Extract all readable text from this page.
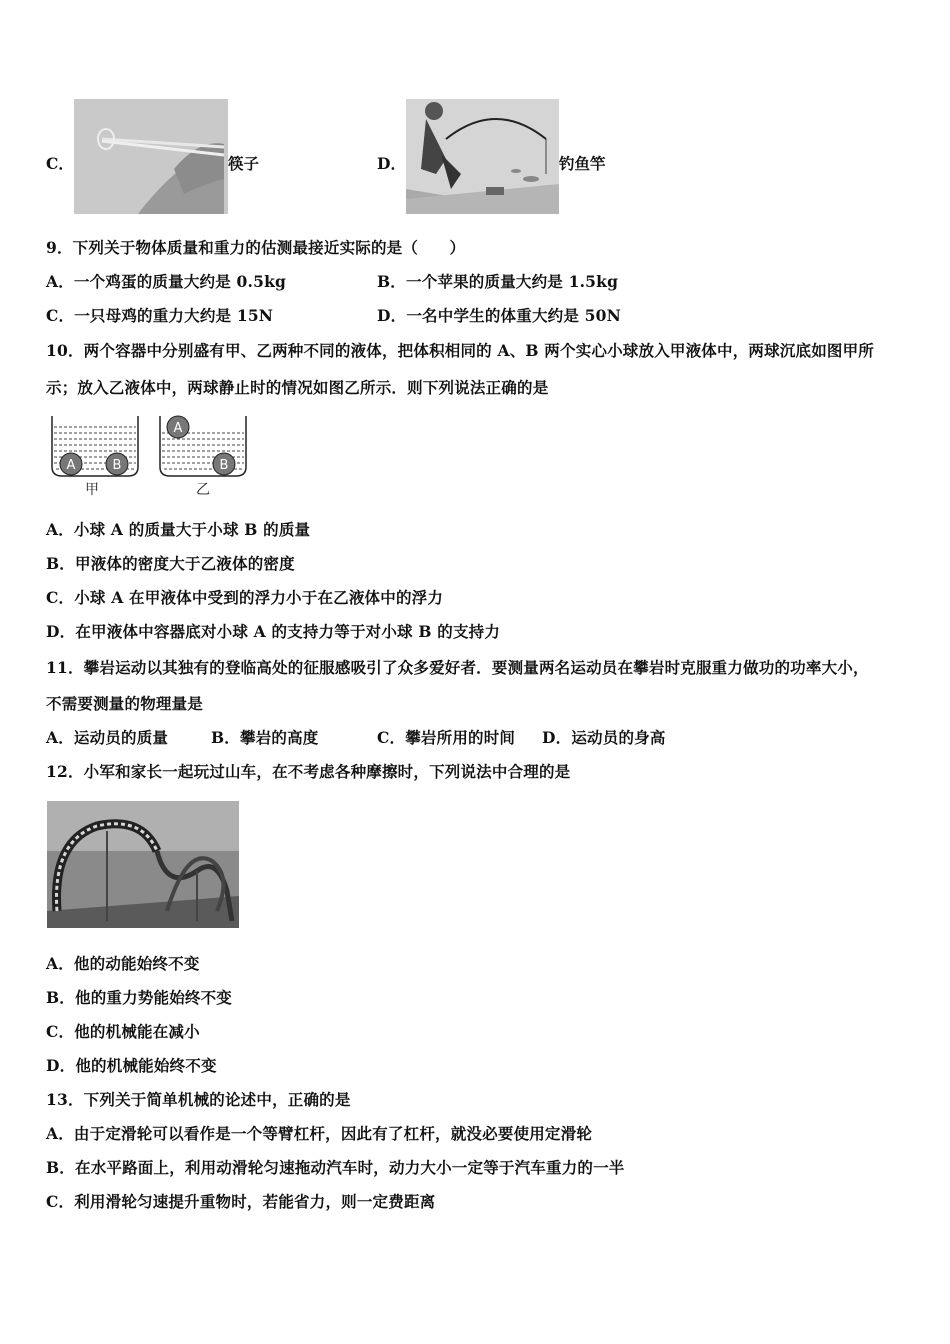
C．	筷子	D．	钓鱼竿
9．下列关于物体质量和重力的估测最接近实际的是（　　）
A．一个鸡蛋的质量大约是 0.5kg	B．一个苹果的质量大约是 1.5kg
C．一只母鸡的重力大约是 15N	D．一名中学生的体重大约是 50N
10．两个容器中分别盛有甲、乙两种不同的液体，把体积相同的 A、B 两个实心小球放入甲液体中，两球沉底如图甲所
示；放入乙液体中，两球静止时的情况如图乙所示．则下列说法正确的是
A	B
甲
A
B
乙
A．小球 A 的质量大于小球 B 的质量
B．甲液体的密度大于乙液体的密度
C．小球 A 在甲液体中受到的浮力小于在乙液体中的浮力
D．在甲液体中容器底对小球 A 的支持力等于对小球 B 的支持力
11．攀岩运动以其独有的登临高处的征服感吸引了众多爱好者．要测量两名运动员在攀岩时克服重力做功的功率大小，
不需要测量的物理量是
A．运动员的质量	B．攀岩的高度	C．攀岩所用的时间 D．运动员的身高
12．小军和家长一起玩过山车，在不考虑各种摩擦时，下列说法中合理的是
A．他的动能始终不变
B．他的重力势能始终不变
C．他的机械能在减小
D．他的机械能始终不变
13．下列关于简单机械的论述中，正确的是
A．由于定滑轮可以看作是一个等臂杠杆，因此有了杠杆，就没必要使用定滑轮
B．在水平路面上，利用动滑轮匀速拖动汽车时，动力大小一定等于汽车重力的一半
C．利用滑轮匀速提升重物时，若能省力，则一定费距离
